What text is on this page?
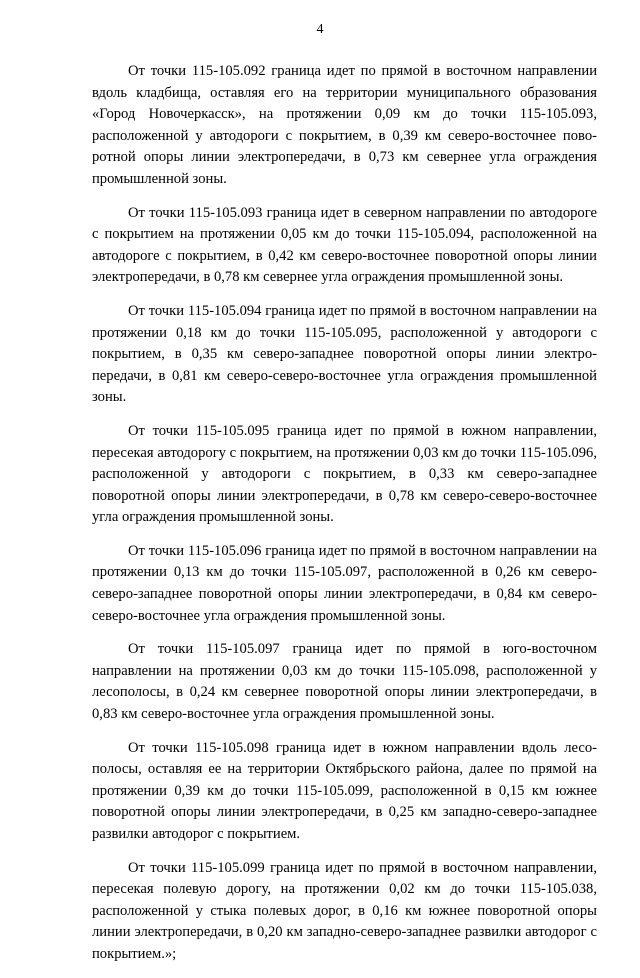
4

От точки 115-105.092 граница идет по прямой в восточном направлении вдоль кладбища, оставляя его на территории муниципального образования «Город Новочеркасск», на протяжении 0,09 км до точки 115-105.093, расположенной у автодороги с покрытием, в 0,39 км северо-восточнее поворотной опоры линии электропередачи, в 0,73 км севернее угла ограждения промышленной зоны.

От точки 115-105.093 граница идет в северном направлении по автодороге с покрытием на протяжении 0,05 км до точки 115-105.094, расположенной на автодороге с покрытием, в 0,42 км северо-восточнее поворотной опоры линии электропередачи, в 0,78 км севернее угла ограждения промышленной зоны.

От точки 115-105.094 граница идет по прямой в восточном направлении на протяжении 0,18 км до точки 115-105.095, расположенной у автодороги с покрытием, в 0,35 км северо-западнее поворотной опоры линии электропередачи, в 0,81 км северо-северо-восточнее угла ограждения промышленной зоны.

От точки 115-105.095 граница идет по прямой в южном направлении, пересекая автодорогу с покрытием, на протяжении 0,03 км до точки 115-105.096, расположенной у автодороги с покрытием, в 0,33 км северо-западнее поворотной опоры линии электропередачи, в 0,78 км северо-северо-восточнее угла ограждения промышленной зоны.

От точки 115-105.096 граница идет по прямой в восточном направлении на протяжении 0,13 км до точки 115-105.097, расположенной в 0,26 км северо-северо-западнее поворотной опоры линии электропередачи, в 0,84 км северо-северо-восточнее угла ограждения промышленной зоны.

От точки 115-105.097 граница идет по прямой в юго-восточном направлении на протяжении 0,03 км до точки 115-105.098, расположенной у лесополосы, в 0,24 км севернее поворотной опоры линии электропередачи, в 0,83 км северо-восточнее угла ограждения промышленной зоны.

От точки 115-105.098 граница идет в южном направлении вдоль лесополосы, оставляя ее на территории Октябрьского района, далее по прямой на протяжении 0,39 км до точки 115-105.099, расположенной в 0,15 км южнее поворотной опоры линии электропередачи, в 0,25 км западно-северо-западнее развилки автодорог с покрытием.

От точки 115-105.099 граница идет по прямой в восточном направлении, пересекая полевую дорогу, на протяжении 0,02 км до точки 115-105.038, расположенной у стыка полевых дорог, в 0,16 км южнее поворотной опоры линии электропередачи, в 0,20 км западно-северо-западнее развилки автодорог с покрытием.»;
